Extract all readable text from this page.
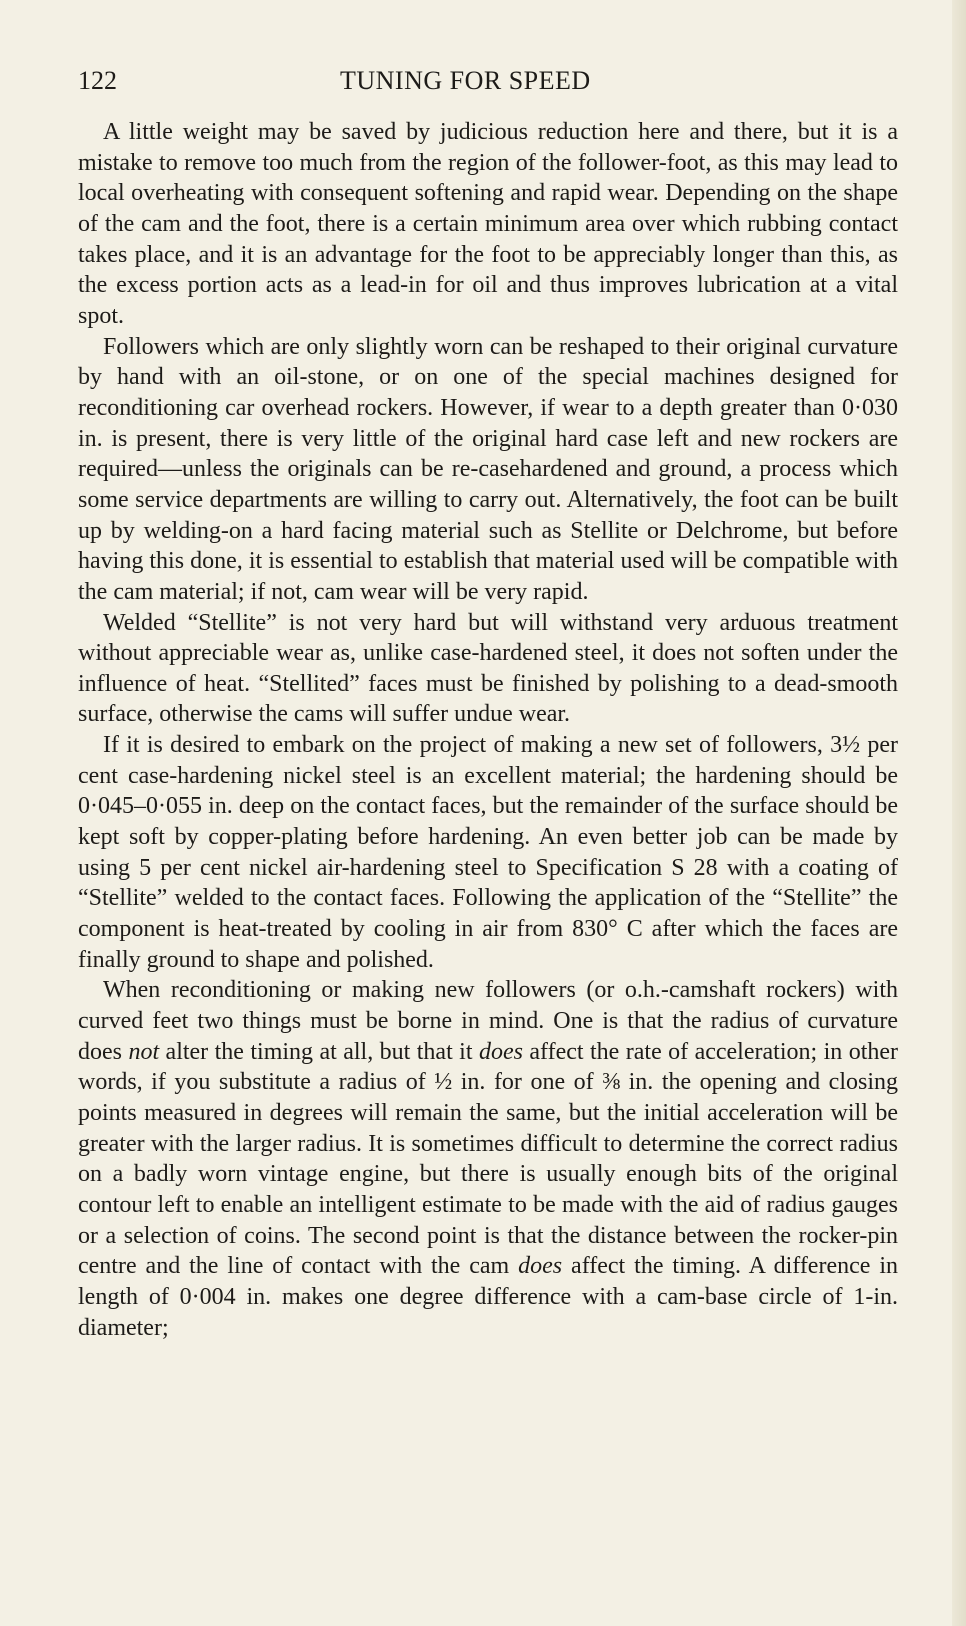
122	TUNING FOR SPEED

A little weight may be saved by judicious reduction here and there, but it is a mistake to remove too much from the region of the follower-foot, as this may lead to local overheating with consequent softening and rapid wear. Depending on the shape of the cam and the foot, there is a certain minimum area over which rubbing contact takes place, and it is an advantage for the foot to be appreciably longer than this, as the excess portion acts as a lead-in for oil and thus improves lubrication at a vital spot.

Followers which are only slightly worn can be reshaped to their original curvature by hand with an oil-stone, or on one of the special machines designed for reconditioning car overhead rockers. However, if wear to a depth greater than 0·030 in. is present, there is very little of the original hard case left and new rockers are required—unless the originals can be re-casehardened and ground, a process which some service departments are willing to carry out. Alternatively, the foot can be built up by welding-on a hard facing material such as Stellite or Delchrome, but before having this done, it is essential to establish that material used will be compatible with the cam material; if not, cam wear will be very rapid.

Welded “Stellite” is not very hard but will withstand very arduous treatment without appreciable wear as, unlike case-hardened steel, it does not soften under the influence of heat. “Stellited” faces must be finished by polishing to a dead-smooth surface, otherwise the cams will suffer undue wear.

If it is desired to embark on the project of making a new set of followers, 3½ per cent case-hardening nickel steel is an excellent material; the hardening should be 0·045–0·055 in. deep on the contact faces, but the remainder of the surface should be kept soft by copper-plating before hardening. An even better job can be made by using 5 per cent nickel air-hardening steel to Specification S 28 with a coating of “Stellite” welded to the contact faces. Following the application of the “Stellite” the component is heat-treated by cooling in air from 830° C after which the faces are finally ground to shape and polished.

When reconditioning or making new followers (or o.h.-camshaft rockers) with curved feet two things must be borne in mind. One is that the radius of curvature does not alter the timing at all, but that it does affect the rate of acceleration; in other words, if you substitute a radius of ½ in. for one of ⅜ in. the opening and closing points measured in degrees will remain the same, but the initial acceleration will be greater with the larger radius. It is sometimes difficult to determine the correct radius on a badly worn vintage engine, but there is usually enough bits of the original contour left to enable an intelligent estimate to be made with the aid of radius gauges or a selection of coins. The second point is that the distance between the rocker-pin centre and the line of contact with the cam does affect the timing. A difference in length of 0·004 in. makes one degree difference with a cam-base circle of 1-in. diameter;
